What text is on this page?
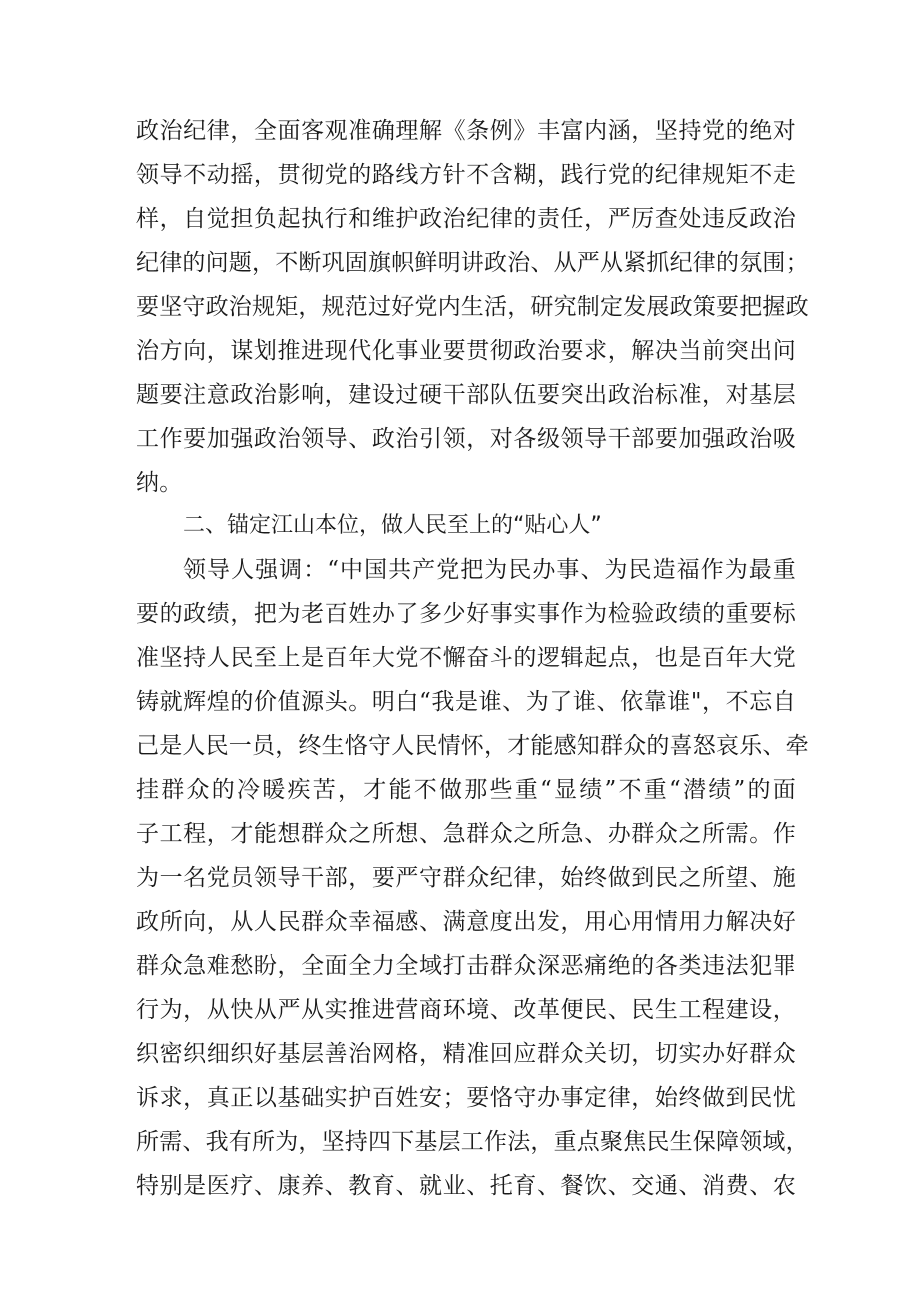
政治纪律，全面客观准确理解《条例》丰富内涵，坚持党的绝对
领导不动摇，贯彻党的路线方针不含糊，践行党的纪律规矩不走
样，自觉担负起执行和维护政治纪律的责任，严厉查处违反政治
纪律的问题，不断巩固旗帜鲜明讲政治、从严从紧抓纪律的氛围；
要坚守政治规矩，规范过好党内生活，研究制定发展政策要把握政
治方向，谋划推进现代化事业要贯彻政治要求，解决当前突出问
题要注意政治影响，建设过硬干部队伍要突出政治标准，对基层
工作要加强政治领导、政治引领，对各级领导干部要加强政治吸
纳。
二、锚定江山本位，做人民至上的“贴心人”
领导人强调：“中国共产党把为民办事、为民造福作为最重
要的政绩，把为老百姓办了多少好事实事作为检验政绩的重要标
准坚持人民至上是百年大党不懈奋斗的逻辑起点，也是百年大党
铸就辉煌的价值源头。明白“我是谁、为了谁、依靠谁"，不忘自
己是人民一员，终生恪守人民情怀，才能感知群众的喜怒哀乐、牵
挂群众的冷暖疾苦，才能不做那些重“显绩”不重“潜绩”的面
子工程，才能想群众之所想、急群众之所急、办群众之所需。作
为一名党员领导干部，要严守群众纪律，始终做到民之所望、施
政所向，从人民群众幸福感、满意度出发，用心用情用力解决好
群众急难愁盼，全面全力全域打击群众深恶痛绝的各类违法犯罪
行为，从快从严从实推进营商环境、改革便民、民生工程建设，
织密织细织好基层善治网格，精准回应群众关切，切实办好群众
诉求，真正以基础实护百姓安；要恪守办事定律，始终做到民忧
所需、我有所为，坚持四下基层工作法，重点聚焦民生保障领域，
特别是医疗、康养、教育、就业、托育、餐饮、交通、消费、农
